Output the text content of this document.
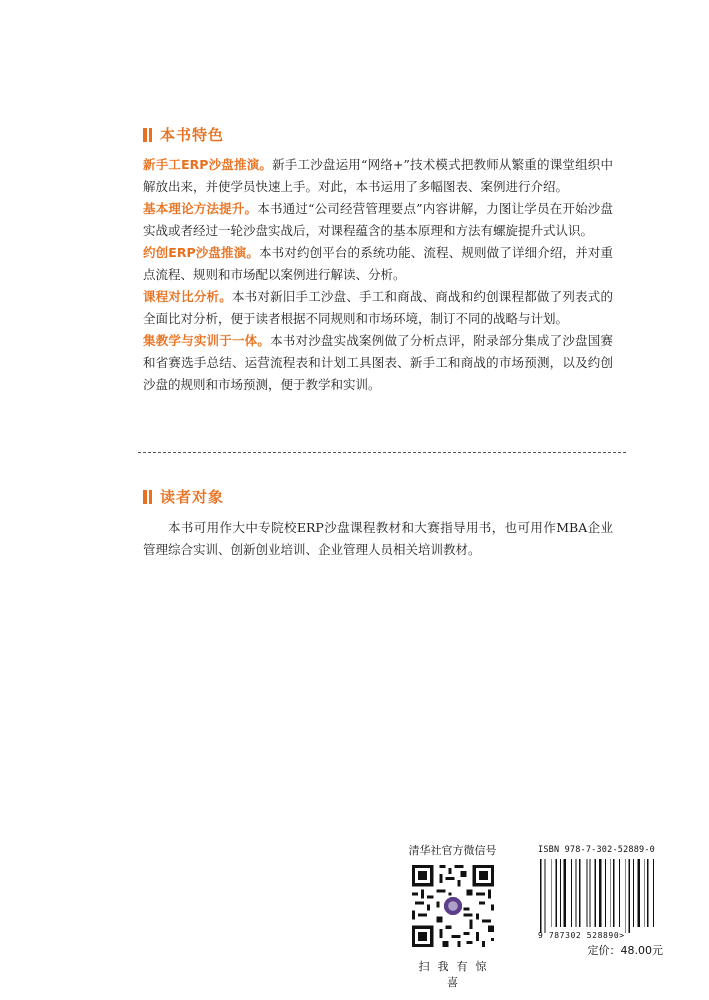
本书特色

新手工ERP沙盘推演。新手工沙盘运用“网络+”技术模式把教师从繁重的课堂组织中解放出来，并使学员快速上手。对此，本书运用了多幅图表、案例进行介绍。

基本理论方法提升。本书通过“公司经营管理要点”内容讲解，力图让学员在开始沙盘实战或者经过一轮沙盘实战后，对课程蕴含的基本原理和方法有螺旋提升式认识。

约创ERP沙盘推演。本书对约创平台的系统功能、流程、规则做了详细介绍，并对重点流程、规则和市场配以案例进行解读、分析。

课程对比分析。本书对新旧手工沙盘、手工和商战、商战和约创课程都做了列表式的全面比对分析，便于读者根据不同规则和市场环境，制订不同的战略与计划。

集教学与实训于一体。本书对沙盘实战案例做了分析点评，附录部分集成了沙盘国赛和省赛选手总结、运营流程表和计划工具图表、新手工和商战的市场预测，以及约创沙盘的规则和市场预测，便于教学和实训。

读者对象

本书可用作大中专院校ERP沙盘课程教材和大赛指导用书，也可用作MBA企业管理综合实训、创新创业培训、企业管理人员相关培训教材。

清华社官方微信号
扫我有惊喜
ISBN 978-7-302-52889-0
9 787302 528890>
定价：48.00元
